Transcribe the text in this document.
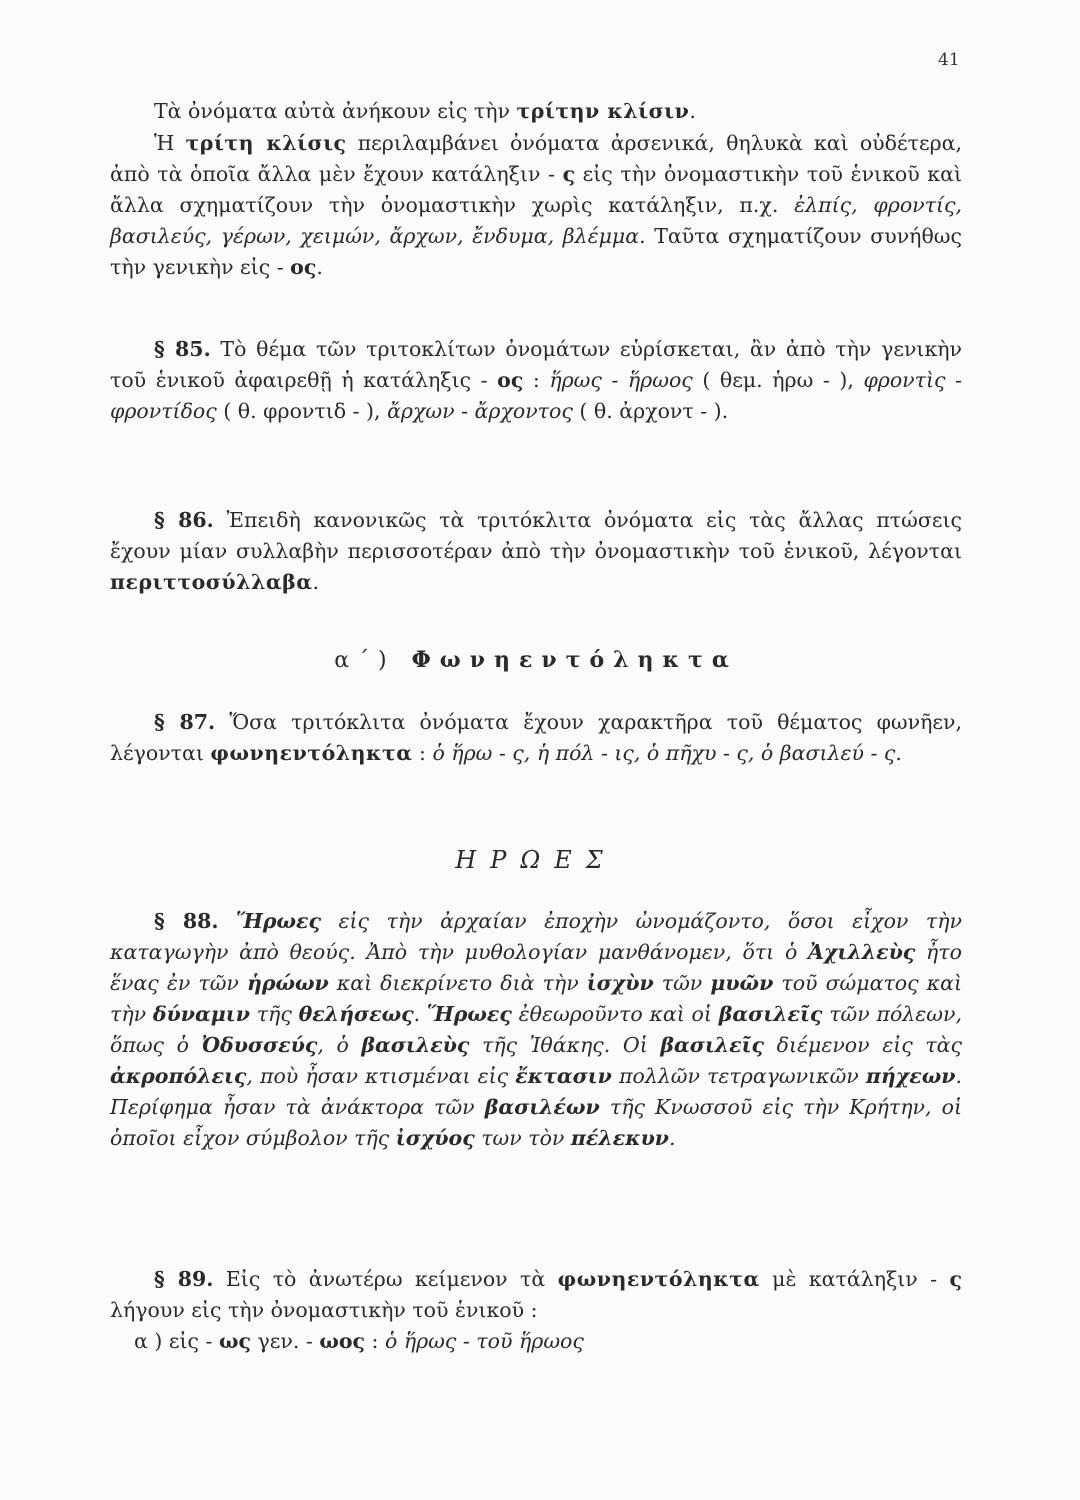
41

Τὰ ὀνόματα αὐτὰ ἀνήκουν εἰς τὴν τρίτην κλίσιν.

Ἡ τρίτη κλίσις περιλαμβάνει ὀνόματα ἀρσενικά, θηλυκὰ καὶ οὐδέτερα, ἀπὸ τὰ ὁποῖα ἄλλα μὲν ἔχουν κατάληξιν - ς εἰς τὴν ὀνομαστικὴν τοῦ ἑνικοῦ καὶ ἄλλα σχηματίζουν τὴν ὀνομαστικὴν χωρὶς κατάληξιν, π.χ. ἐλπίς, φροντίς, βασιλεύς, γέρων, χειμών, ἄρχων, ἔνδυμα, βλέμμα. Ταῦτα σχηματίζουν συνήθως τὴν γενικὴν εἰς - ος.

§ 85. Τὸ θέμα τῶν τριτοκλίτων ὀνομάτων εὑρίσκεται, ἂν ἀπὸ τὴν γενικὴν τοῦ ἑνικοῦ ἀφαιρεθῇ ἡ κατάληξις - ος : ἥρως - ἥρωος ( θεμ. ἡρω - ), φροντὶς - φροντίδος ( θ. φροντιδ - ), ἄρχων - ἄρχοντος ( θ. ἀρχοντ - ).

§ 86. Ἐπειδὴ κανονικῶς τὰ τριτόκλιτα ὀνόματα εἰς τὰς ἄλλας πτώσεις ἔχουν μίαν συλλαβὴν περισσοτέραν ἀπὸ τὴν ὀνομαστικὴν τοῦ ἑνικοῦ, λέγονται περιττοσύλλαβα.

α΄) Φωνηεντόληκτα

§ 87. Ὅσα τριτόκλιτα ὀνόματα ἔχουν χαρακτῆρα τοῦ θέματος φωνῆεν, λέγονται φωνηεντόληκτα : ὁ ἥρω - ς, ἡ πόλ - ις, ὁ πῆχυ - ς, ὁ βασιλεύ - ς.

ΗΡΩΕΣ

§ 88. Ἥρωες εἰς τὴν ἀρχαίαν ἐποχὴν ὠνομάζοντο, ὅσοι εἶχον τὴν καταγωγὴν ἀπὸ θεούς. Ἀπὸ τὴν μυθολογίαν μανθάνομεν, ὅτι ὁ Ἀχιλλεὺς ἦτο ἕνας ἐν τῶν ἡρώων καὶ διεκρίνετο διὰ τὴν ἰσχὺν τῶν μυῶν τοῦ σώματος καὶ τὴν δύναμιν τῆς θελήσεως. Ἥρωες ἐθεωροῦντο καὶ οἱ βασιλεῖς τῶν πόλεων, ὅπως ὁ Ὀδυσσεύς, ὁ βασιλεὺς τῆς Ἰθάκης. Οἱ βασιλεῖς διέμενον εἰς τὰς ἀκροπόλεις, ποὺ ἦσαν κτισμέναι εἰς ἔκτασιν πολλῶν τετραγωνικῶν πήχεων. Περίφημα ἦσαν τὰ ἀνάκτορα τῶν βασιλέων τῆς Κνωσσοῦ εἰς τὴν Κρήτην, οἱ ὁποῖοι εἶχον σύμβολον τῆς ἰσχύος των τὸν πέλεκυν.

§ 89. Εἰς τὸ ἀνωτέρω κείμενον τὰ φωνηεντόληκτα μὲ κατάληξιν - ς λήγουν εἰς τὴν ὀνομαστικὴν τοῦ ἑνικοῦ :

α ) εἰς - ως γεν. - ωος : ὁ ἥρως - τοῦ ἥρωος
